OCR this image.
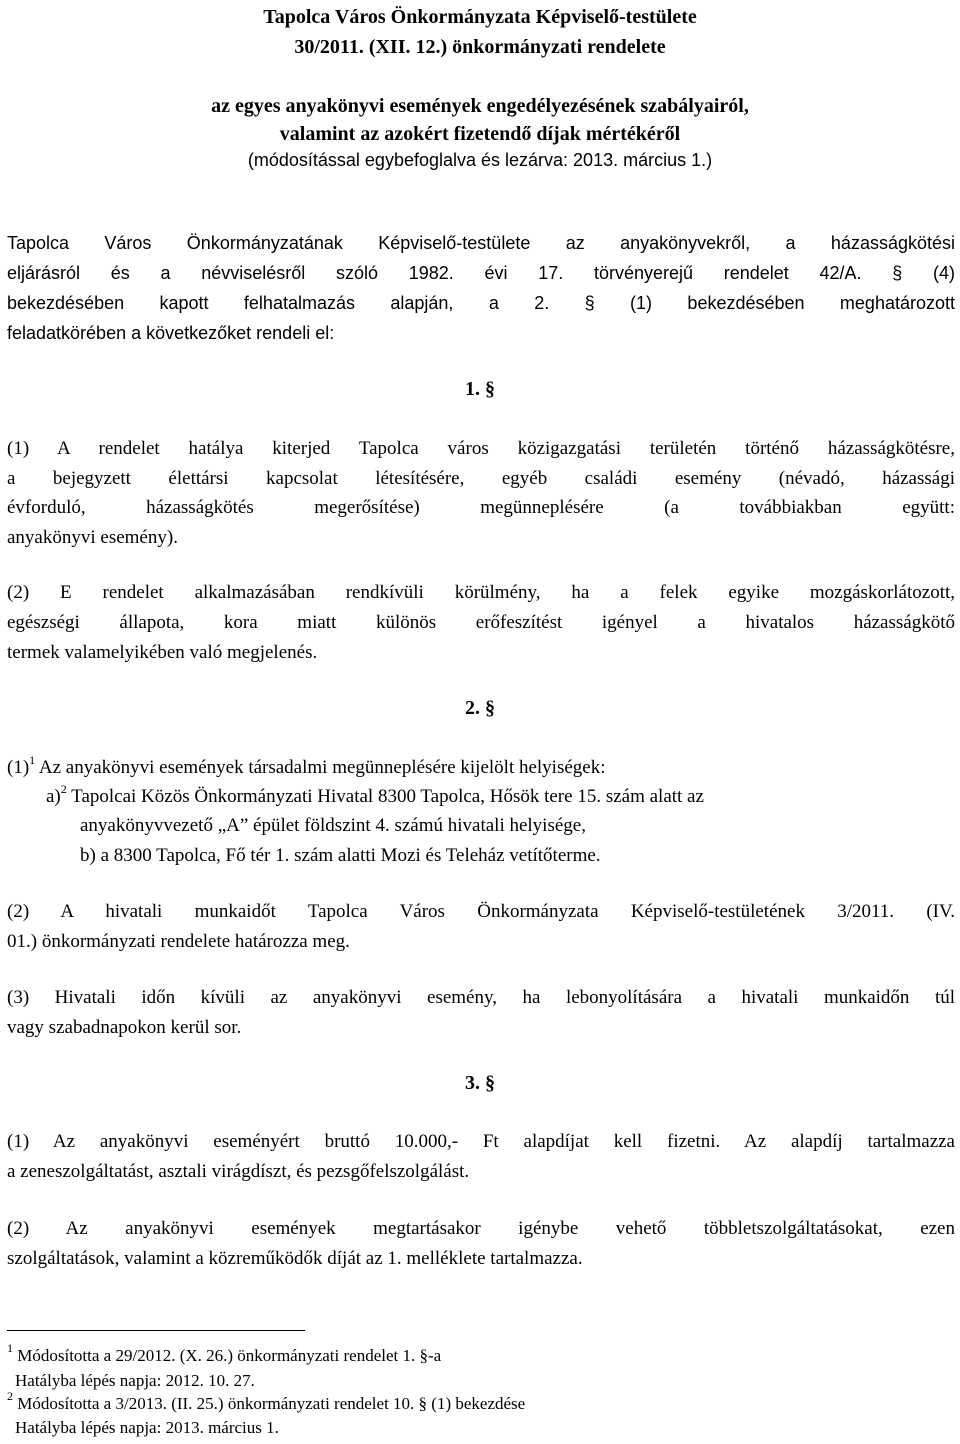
Tapolca Város Önkormányzata Képviselő-testülete
30/2011. (XII. 12.) önkormányzati rendelete
az egyes anyakönyvi események engedélyezésének szabályairól,
valamint az azokért fizetendő díjak mértékéről
(módosítással egybefoglalva és lezárva: 2013. március 1.)
Tapolca Város Önkormányzatának Képviselő-testülete az anyakönyvekről, a házasságkötési
eljárásról és a névviselésről szóló 1982. évi 17. törvényerejű rendelet 42/A. § (4)
bekezdésében kapott felhatalmazás alapján, a 2. § (1) bekezdésében meghatározott
feladatkörében a következőket rendeli el:
1. §
(1) A rendelet hatálya kiterjed Tapolca város közigazgatási területén történő házasságkötésre,
a bejegyzett élettársi kapcsolat létesítésére, egyéb családi esemény (névadó, házassági
évforduló, házasságkötés megerősítése) megünneplésére (a továbbiakban együtt:
anyakönyvi esemény).
(2) E rendelet alkalmazásában rendkívüli körülmény, ha a felek egyike mozgáskorlátozott,
egészségi állapota, kora miatt különös erőfeszítést igényel a hivatalos házasságkötő
termek valamelyikében való megjelenés.
2. §
$(1)^1$ Az anyakönyvi események társadalmi megünneplésére kijelölt helyiségek:
a)$^2$ Tapolcai Közös Önkormányzati Hivatal 8300 Tapolca, Hősök tere 15. szám alatt az
anyakönyvvezető „A” épület földszint 4. számú hivatali helyisége,
b) a 8300 Tapolca, Fő tér 1. szám alatti Mozi és Teleház vetítőterme.
(2) A hivatali munkaidőt Tapolca Város Önkormányzata Képviselő-testületének 3/2011. (IV.
01.) önkormányzati rendelete határozza meg.
(3) Hivatali időn kívüli az anyakönyvi esemény, ha lebonyolítására a hivatali munkaidőn túl
vagy szabadnapokon kerül sor.
3. §
(1) Az anyakönyvi eseményért bruttó 10.000,- Ft alapdíjat kell fizetni. Az alapdíj tartalmazza
a zeneszolgáltatást, asztali virágdíszt, és pezsgőfelszolgálást.
(2) Az anyakönyvi események megtartásakor igénybe vehető többletszolgáltatásokat, ezen
szolgáltatások, valamint a közreműködők díját az 1. melléklete tartalmazza.
$^1$ Módosította a 29/2012. (X. 26.) önkormányzati rendelet 1. §-a
Hatályba lépés napja: 2012. 10. 27.
$^2$ Módosította a 3/2013. (II. 25.) önkormányzati rendelet 10. § (1) bekezdése
Hatályba lépés napja: 2013. március 1.
